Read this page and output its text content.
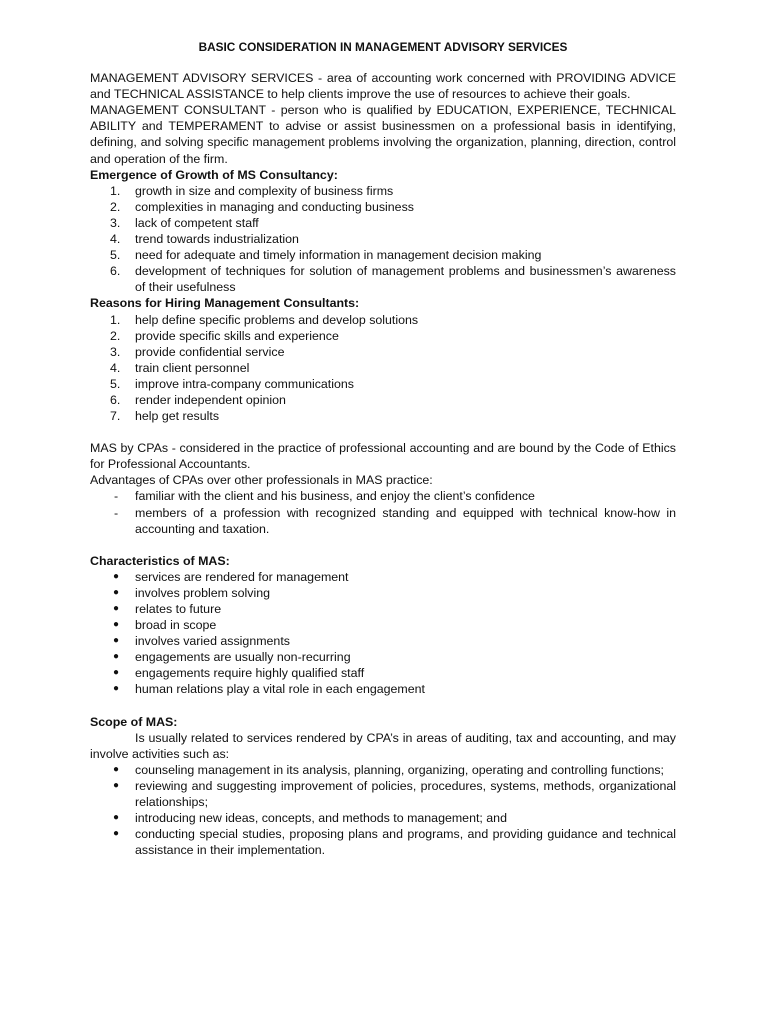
BASIC CONSIDERATION IN MANAGEMENT ADVISORY SERVICES

MANAGEMENT ADVISORY SERVICES - area of accounting work concerned with PROVIDING ADVICE and TECHNICAL ASSISTANCE to help clients improve the use of resources to achieve their goals.

MANAGEMENT CONSULTANT - person who is qualified by EDUCATION, EXPERIENCE, TECHNICAL ABILITY and TEMPERAMENT to advise or assist businessmen on a professional basis in identifying, defining, and solving specific management problems involving the organization, planning, direction, control and operation of the firm.

Emergence of Growth of MS Consultancy:
1.	growth in size and complexity of business firms
2.	complexities in managing and conducting business
3.	lack of competent staff
4.	trend towards industrialization
5.	need for adequate and timely information in management decision making
6.	development of techniques for solution of management problems and businessmen’s awareness of their usefulness
Reasons for Hiring Management Consultants:
1.	help define specific problems and develop solutions
2.	provide specific skills and experience
3.	provide confidential service
4.	train client personnel
5.	improve intra-company communications
6.	render independent opinion
7.	help get results

MAS by CPAs - considered in the practice of professional accounting and are bound by the Code of Ethics for Professional Accountants.

Advantages of CPAs over other professionals in MAS practice:
-	familiar with the client and his business, and enjoy the client’s confidence
-	members of a profession with recognized standing and equipped with technical know-how in accounting and taxation.
Characteristics of MAS:
●	services are rendered for management
●	involves problem solving
●	relates to future
●	broad in scope
●	involves varied assignments
●	engagements are usually non-recurring
●	engagements require highly qualified staff
●	human relations play a vital role in each engagement
Scope of MAS:

Is usually related to services rendered by CPA’s in areas of auditing, tax and accounting, and may involve activities such as:

●	counseling management in its analysis, planning, organizing, operating and controlling functions;
●	reviewing and suggesting improvement of policies, procedures, systems, methods, organizational relationships;
●	introducing new ideas, concepts, and methods to management; and
●	conducting special studies, proposing plans and programs, and providing guidance and technical assistance in their implementation.
